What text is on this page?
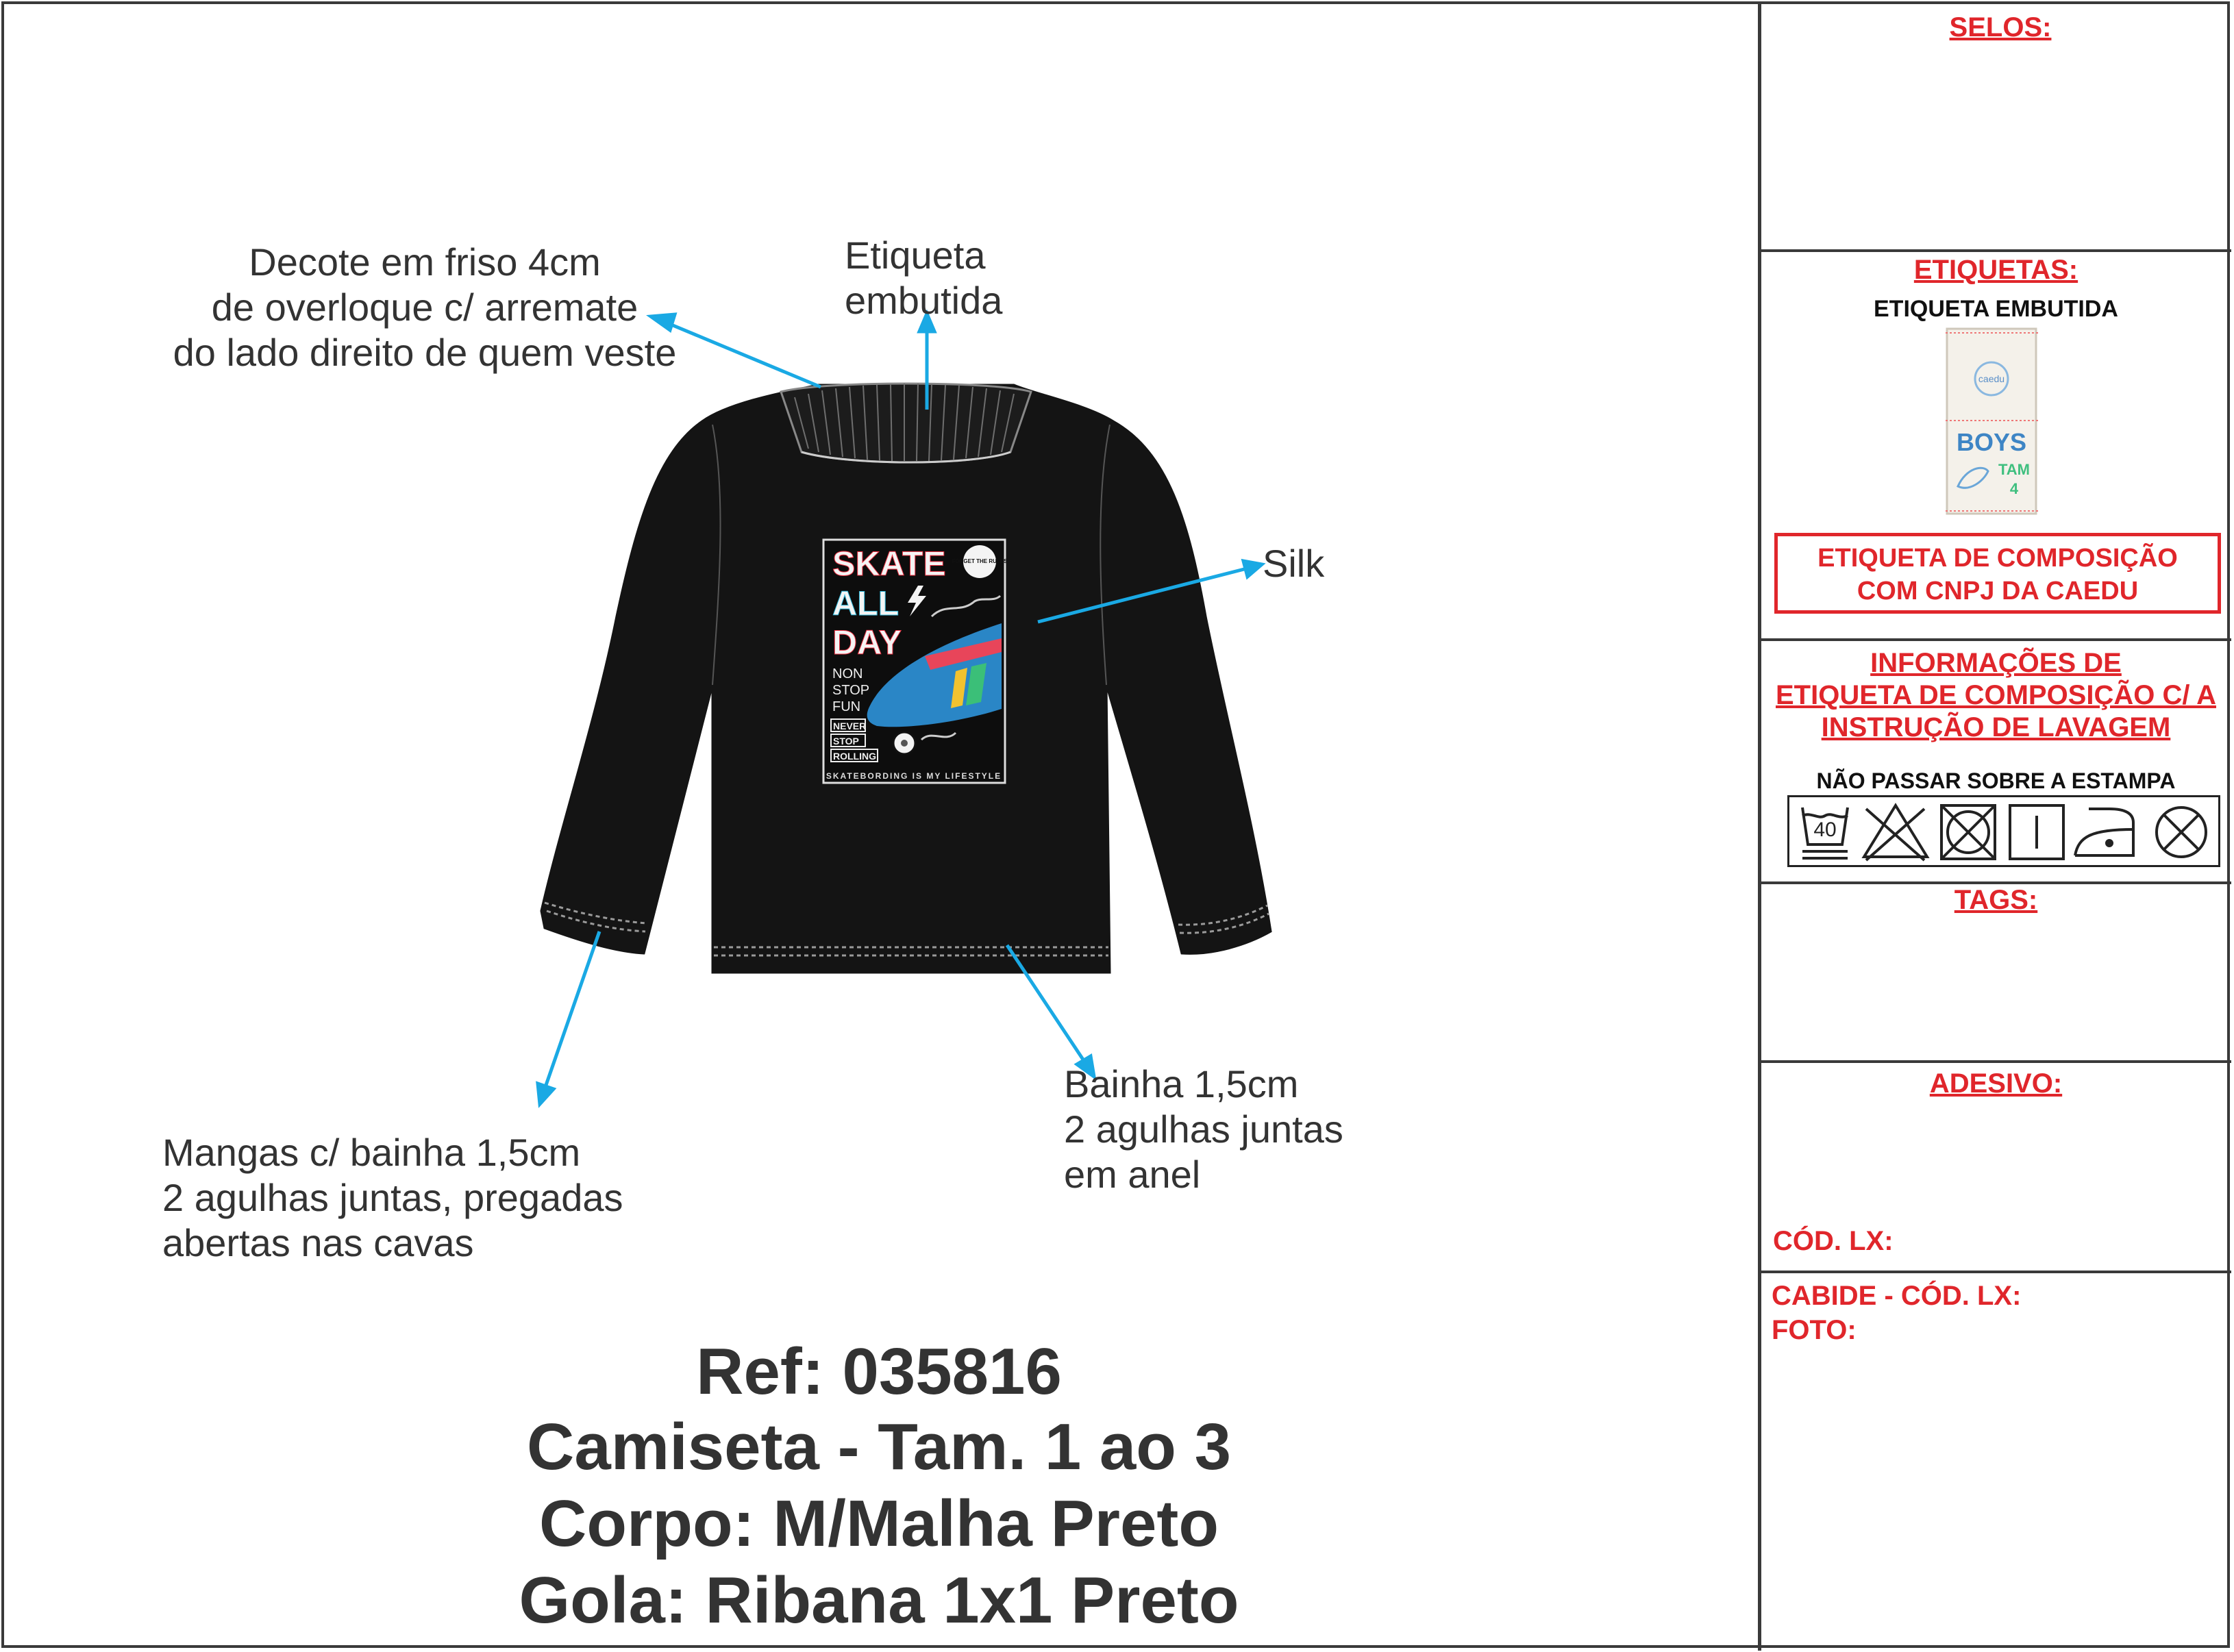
SKATE
ALL
DAY
FORGET THE RULES
NON
STOP
FUN
NEVER
STOP
ROLLING
SKATEBORDING IS MY LIFESTYLE
Decote em friso 4cm
de overloque c/ arremate
do lado direito de quem veste
Etiqueta
embutida
Silk
Mangas c/ bainha 1,5cm
2 agulhas juntas, pregadas
abertas nas cavas
Bainha 1,5cm
2 agulhas juntas
em anel
Ref: 035816
Camiseta - Tam. 1 ao 3
Corpo: M/Malha Preto
Gola: Ribana 1x1 Preto
SELOS:
ETIQUETAS:
ETIQUETA EMBUTIDA
caedu
BOYS
TAM
4
ETIQUETA DE COMPOSIÇÃO
COM CNPJ DA CAEDU
INFORMAÇÕES DE
ETIQUETA DE COMPOSIÇÃO C/ A
INSTRUÇÃO DE LAVAGEM
NÃO PASSAR SOBRE A ESTAMPA
40
TAGS:
ADESIVO:
CÓD. LX:
CABIDE - CÓD. LX:
FOTO:
